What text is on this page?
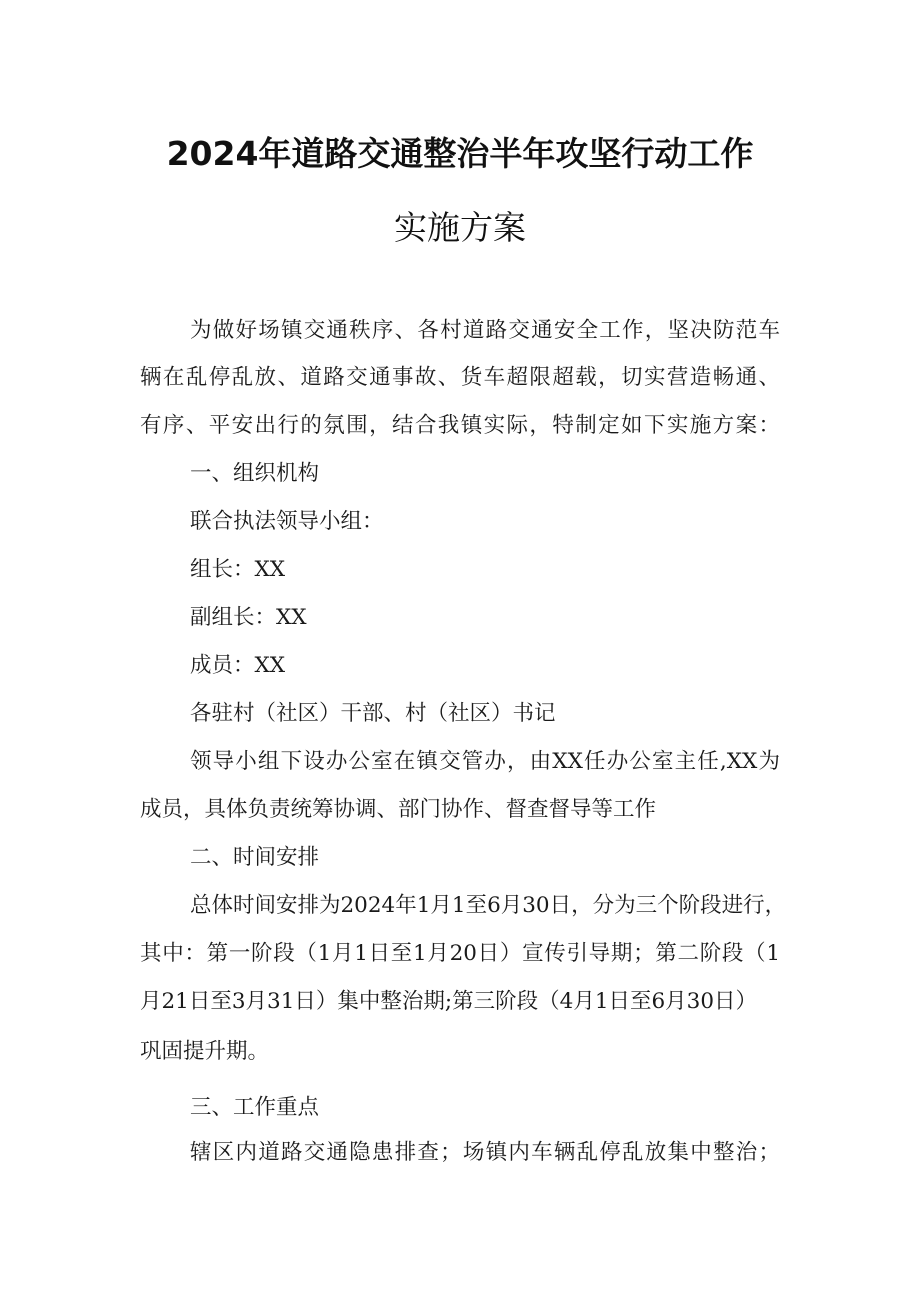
2024年道路交通整治半年攻坚行动工作
实施方案
为做好场镇交通秩序、各村道路交通安全工作，坚决防范车
辆在乱停乱放、道路交通事故、货车超限超载，切实营造畅通、
有序、平安出行的氛围，结合我镇实际，特制定如下实施方案：
一、组织机构
联合执法领导小组：
组长：XX
副组长：XX
成员：XX
各驻村（社区）干部、村（社区）书记
领导小组下设办公室在镇交管办，由XX任办公室主任,XX为
成员，具体负责统筹协调、部门协作、督查督导等工作
二、时间安排
总体时间安排为2024年1月1至6月30日，分为三个阶段进行，
其中：第一阶段（1月1日至1月20日）宣传引导期；第二阶段（1
月21日至3月31日）集中整治期;第三阶段（4月1日至6月30日）
巩固提升期。
三、工作重点
辖区内道路交通隐患排查；场镇内车辆乱停乱放集中整治；
